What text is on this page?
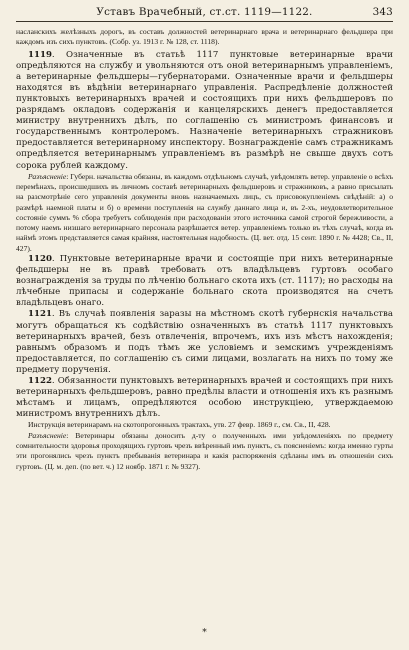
Уставъ Врачебный, ст.ст. 1119—1122.	343

насланскихъ желѣзныхъ дорогъ, въ составъ должностей ветеринарнаго врача и ветеринарнаго фельдшера при каждомъ изъ сихъ пунктовъ. (Собр. уз. 1913 г. № 128, ст. 1118).

1119. Означенные въ статьѣ 1117 пунктовые ветеринарные врачи опредѣляются на службу и увольняются отъ оной ветеринарнымъ управленіемъ, а ветеринарные фельдшеры—губернаторами. Означенные врачи и фельдшеры находятся въ вѣдѣніи ветеринарнаго управленія. Распредѣленіе должностей пунктовыхъ ветеринарныхъ врачей и состоящихъ при нихъ фельдшеровъ по разрядамъ окладовъ содержанія и канцелярскихъ денегъ предоставляется министру внутреннихъ дѣлъ, по соглашенію съ министромъ финансовъ и государственнымъ контролеромъ. Назначеніе ветеринарныхъ стражниковъ предоставляется ветеринарному инспектору. Вознагражденіе самъ стражникамъ опредѣляется ветеринарнымъ управленіемъ въ размѣрѣ не свыше двухъ сотъ сорока рублей каждому.

Разъясненіе: Губерн. начальства обязаны, въ каждомъ отдѣльномъ случаѣ, увѣдомлять ветер. управленіе о всѣхъ перемѣнахъ, происшедшихъ въ личномъ составѣ ветеринарныхъ фельдшеровъ и стражниковъ, а равно присылать на разсмотрѣніе сего управленія документы вновь назначаемыхъ лицъ, съ присовокупленіемъ свѣдѣній: а) о размѣрѣ наемной платы и б) о времени поступленія на службу даннаго лица и, въ 2-хъ, неудовлетворительное состояніе суммъ % сбора требуетъ соблюденія при расходованіи этого источника самой строгой бережливости, а потому наемъ низшаго ветеринарнаго персонала разрѣшается ветер. управленіемъ только въ тѣхъ случаѣ, когда въ наймѣ этомъ представляется самая крайняя, настоятельная надобность. (Ц. вет. отд. 15 сент. 1890 г. № 4428; Св., II, 427).

1120. Пунктовые ветеринарные врачи и состоящіе при нихъ ветеринарные фельдшеры не въ правѣ требовать отъ владѣльцевъ гуртовъ особаго вознагражденія за труды по лѣченію больнаго скота ихъ (ст. 1117); но расходы на лѣчебные припасы и содержаніе больнаго скота производятся на счетъ владѣльцевъ онаго.

1121. Въ случаѣ появленія заразы на мѣстномъ скотѣ губернскія начальства могутъ обращаться къ содѣйствію означенныхъ въ статьѣ 1117 пунктовыхъ ветеринарныхъ врачей, безъ отвлеченія, впрочемъ, ихъ изъ мѣстъ нахожденія; равнымъ образомъ и подъ тѣмъ же условіемъ и земскимъ учрежденіямъ предоставляется, по соглашенію съ сими лицами, возлагать на нихъ по тому же предмету порученія.

1122. Обязанности пунктовыхъ ветеринарныхъ врачей и состоящихъ при нихъ ветеринарныхъ фельдшеровъ, равно предѣлы власти и отношенія ихъ къ разнымъ мѣстамъ и лицамъ, опредѣляются особою инструкціею, утверждаемою министромъ внутреннихъ дѣлъ.

Инструкція ветеринарамъ на скотопрогонныхъ трактахъ, утв. 27 февр. 1869 г., см. Св., II, 428.

Разъясненіе: Ветеринары обязаны доносить д-ту о полученныхъ ими увѣдомленіяхъ по предмету сомнительности здоровья проходящихъ гуртовъ чрезъ ввѣренный имъ пунктъ, съ поясненіемъ: когда именно гурты эти прогонялись чрезъ пунктъ пребыванія ветеринара и какія распоряженія сдѣланы имъ въ отношеніи сихъ гуртовъ. (Ц. м. деп. (по вет. ч.) 12 ноябр. 1871 г. № 9327).

*
